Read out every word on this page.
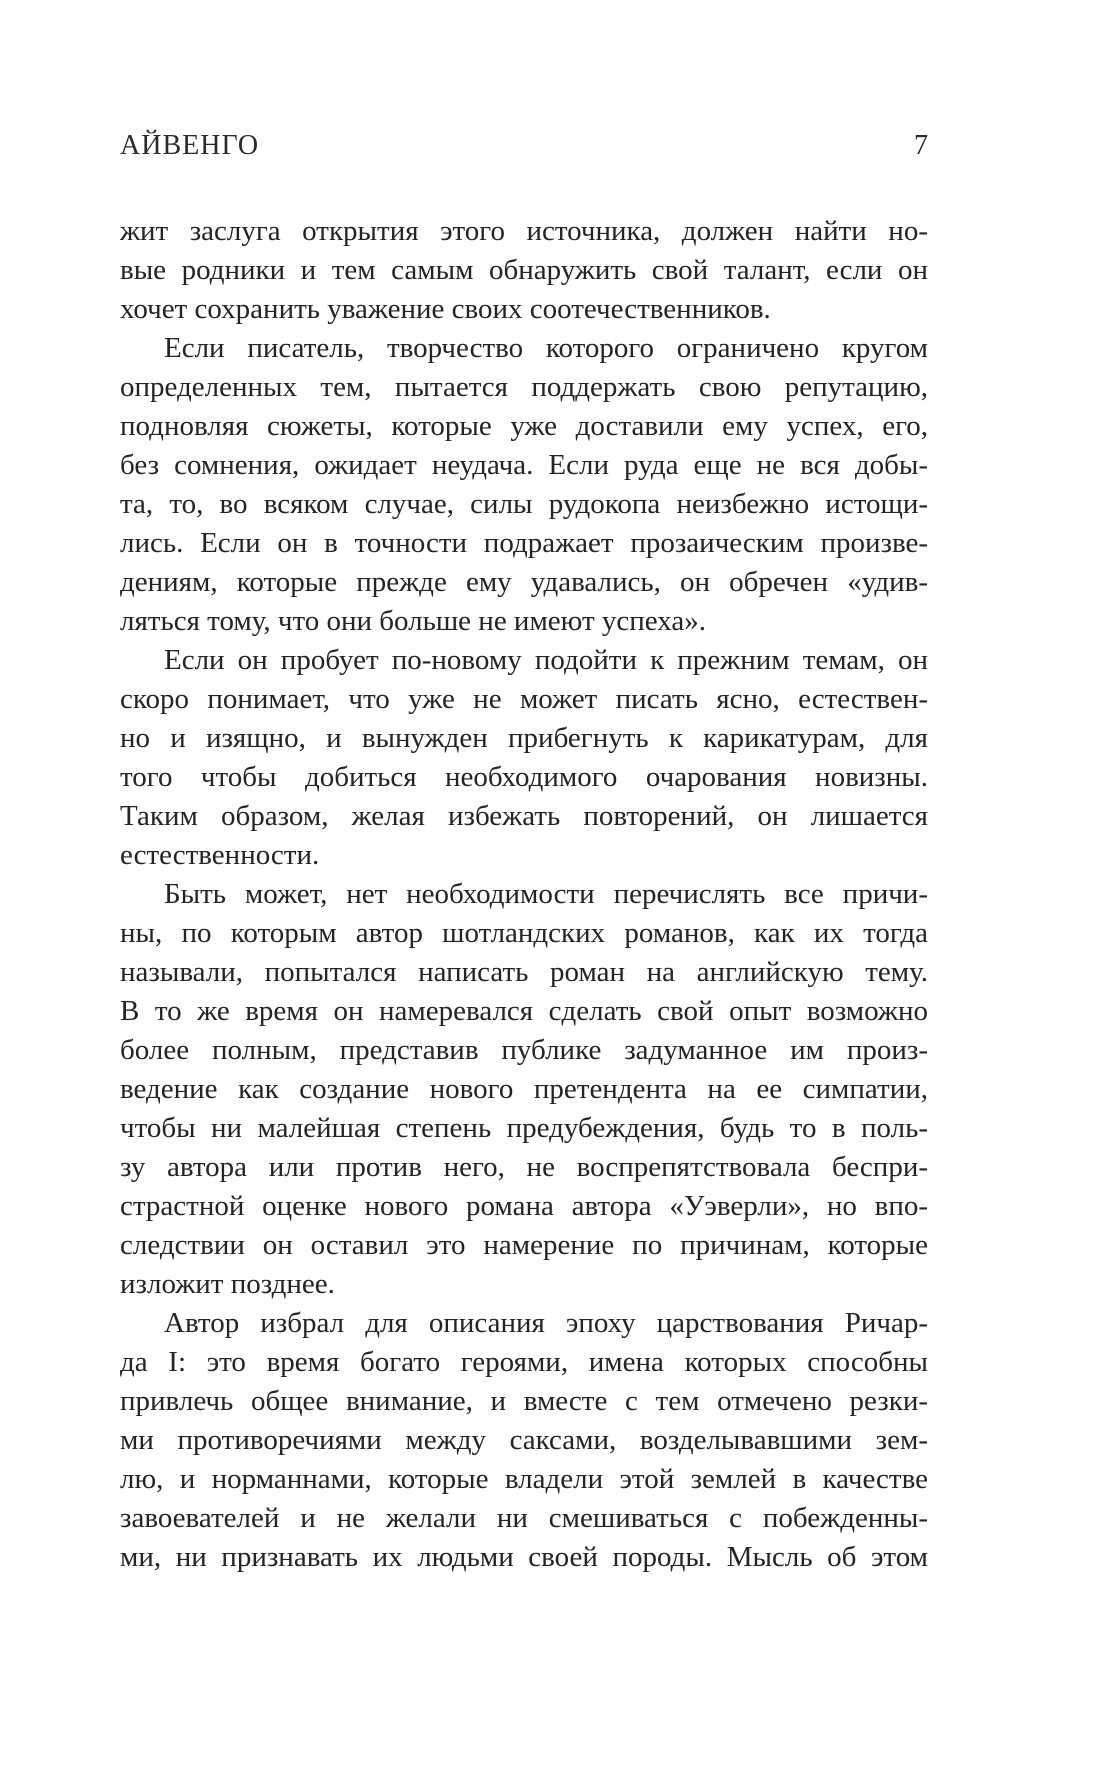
АЙВЕНГО	7
жит заслуга открытия этого источника, должен найти но-
вые родники и тем самым обнаружить свой талант, если он
хочет сохранить уважение своих соотечественников.
Если писатель, творчество которого ограничено кругом
определенных тем, пытается поддержать свою репутацию,
подновляя сюжеты, которые уже доставили ему успех, его,
без сомнения, ожидает неудача. Если руда еще не вся добы-
та, то, во всяком случае, силы рудокопа неизбежно истощи-
лись. Если он в точности подражает прозаическим произве-
дениям, которые прежде ему удавались, он обречен «удив-
ляться тому, что они больше не имеют успеха».
Если он пробует по-новому подойти к прежним темам, он
скоро понимает, что уже не может писать ясно, естествен-
но и изящно, и вынужден прибегнуть к карикатурам, для
того чтобы добиться необходимого очарования новизны.
Таким образом, желая избежать повторений, он лишается
естественности.
Быть может, нет необходимости перечислять все причи-
ны, по которым автор шотландских романов, как их тогда
называли, попытался написать роман на английскую тему.
В то же время он намеревался сделать свой опыт возможно
более полным, представив публике задуманное им произ-
ведение как создание нового претендента на ее симпатии,
чтобы ни малейшая степень предубеждения, будь то в поль-
зу автора или против него, не воспрепятствовала беспри-
страстной оценке нового романа автора «Уэверли», но впо-
следствии он оставил это намерение по причинам, которые
изложит позднее.
Автор избрал для описания эпоху царствования Ричар-
да I: это время богато героями, имена которых способны
привлечь общее внимание, и вместе с тем отмечено резки-
ми противоречиями между саксами, возделывавшими зем-
лю, и норманнами, которые владели этой землей в качестве
завоевателей и не желали ни смешиваться с побежденны-
ми, ни признавать их людьми своей породы. Мысль об этом
